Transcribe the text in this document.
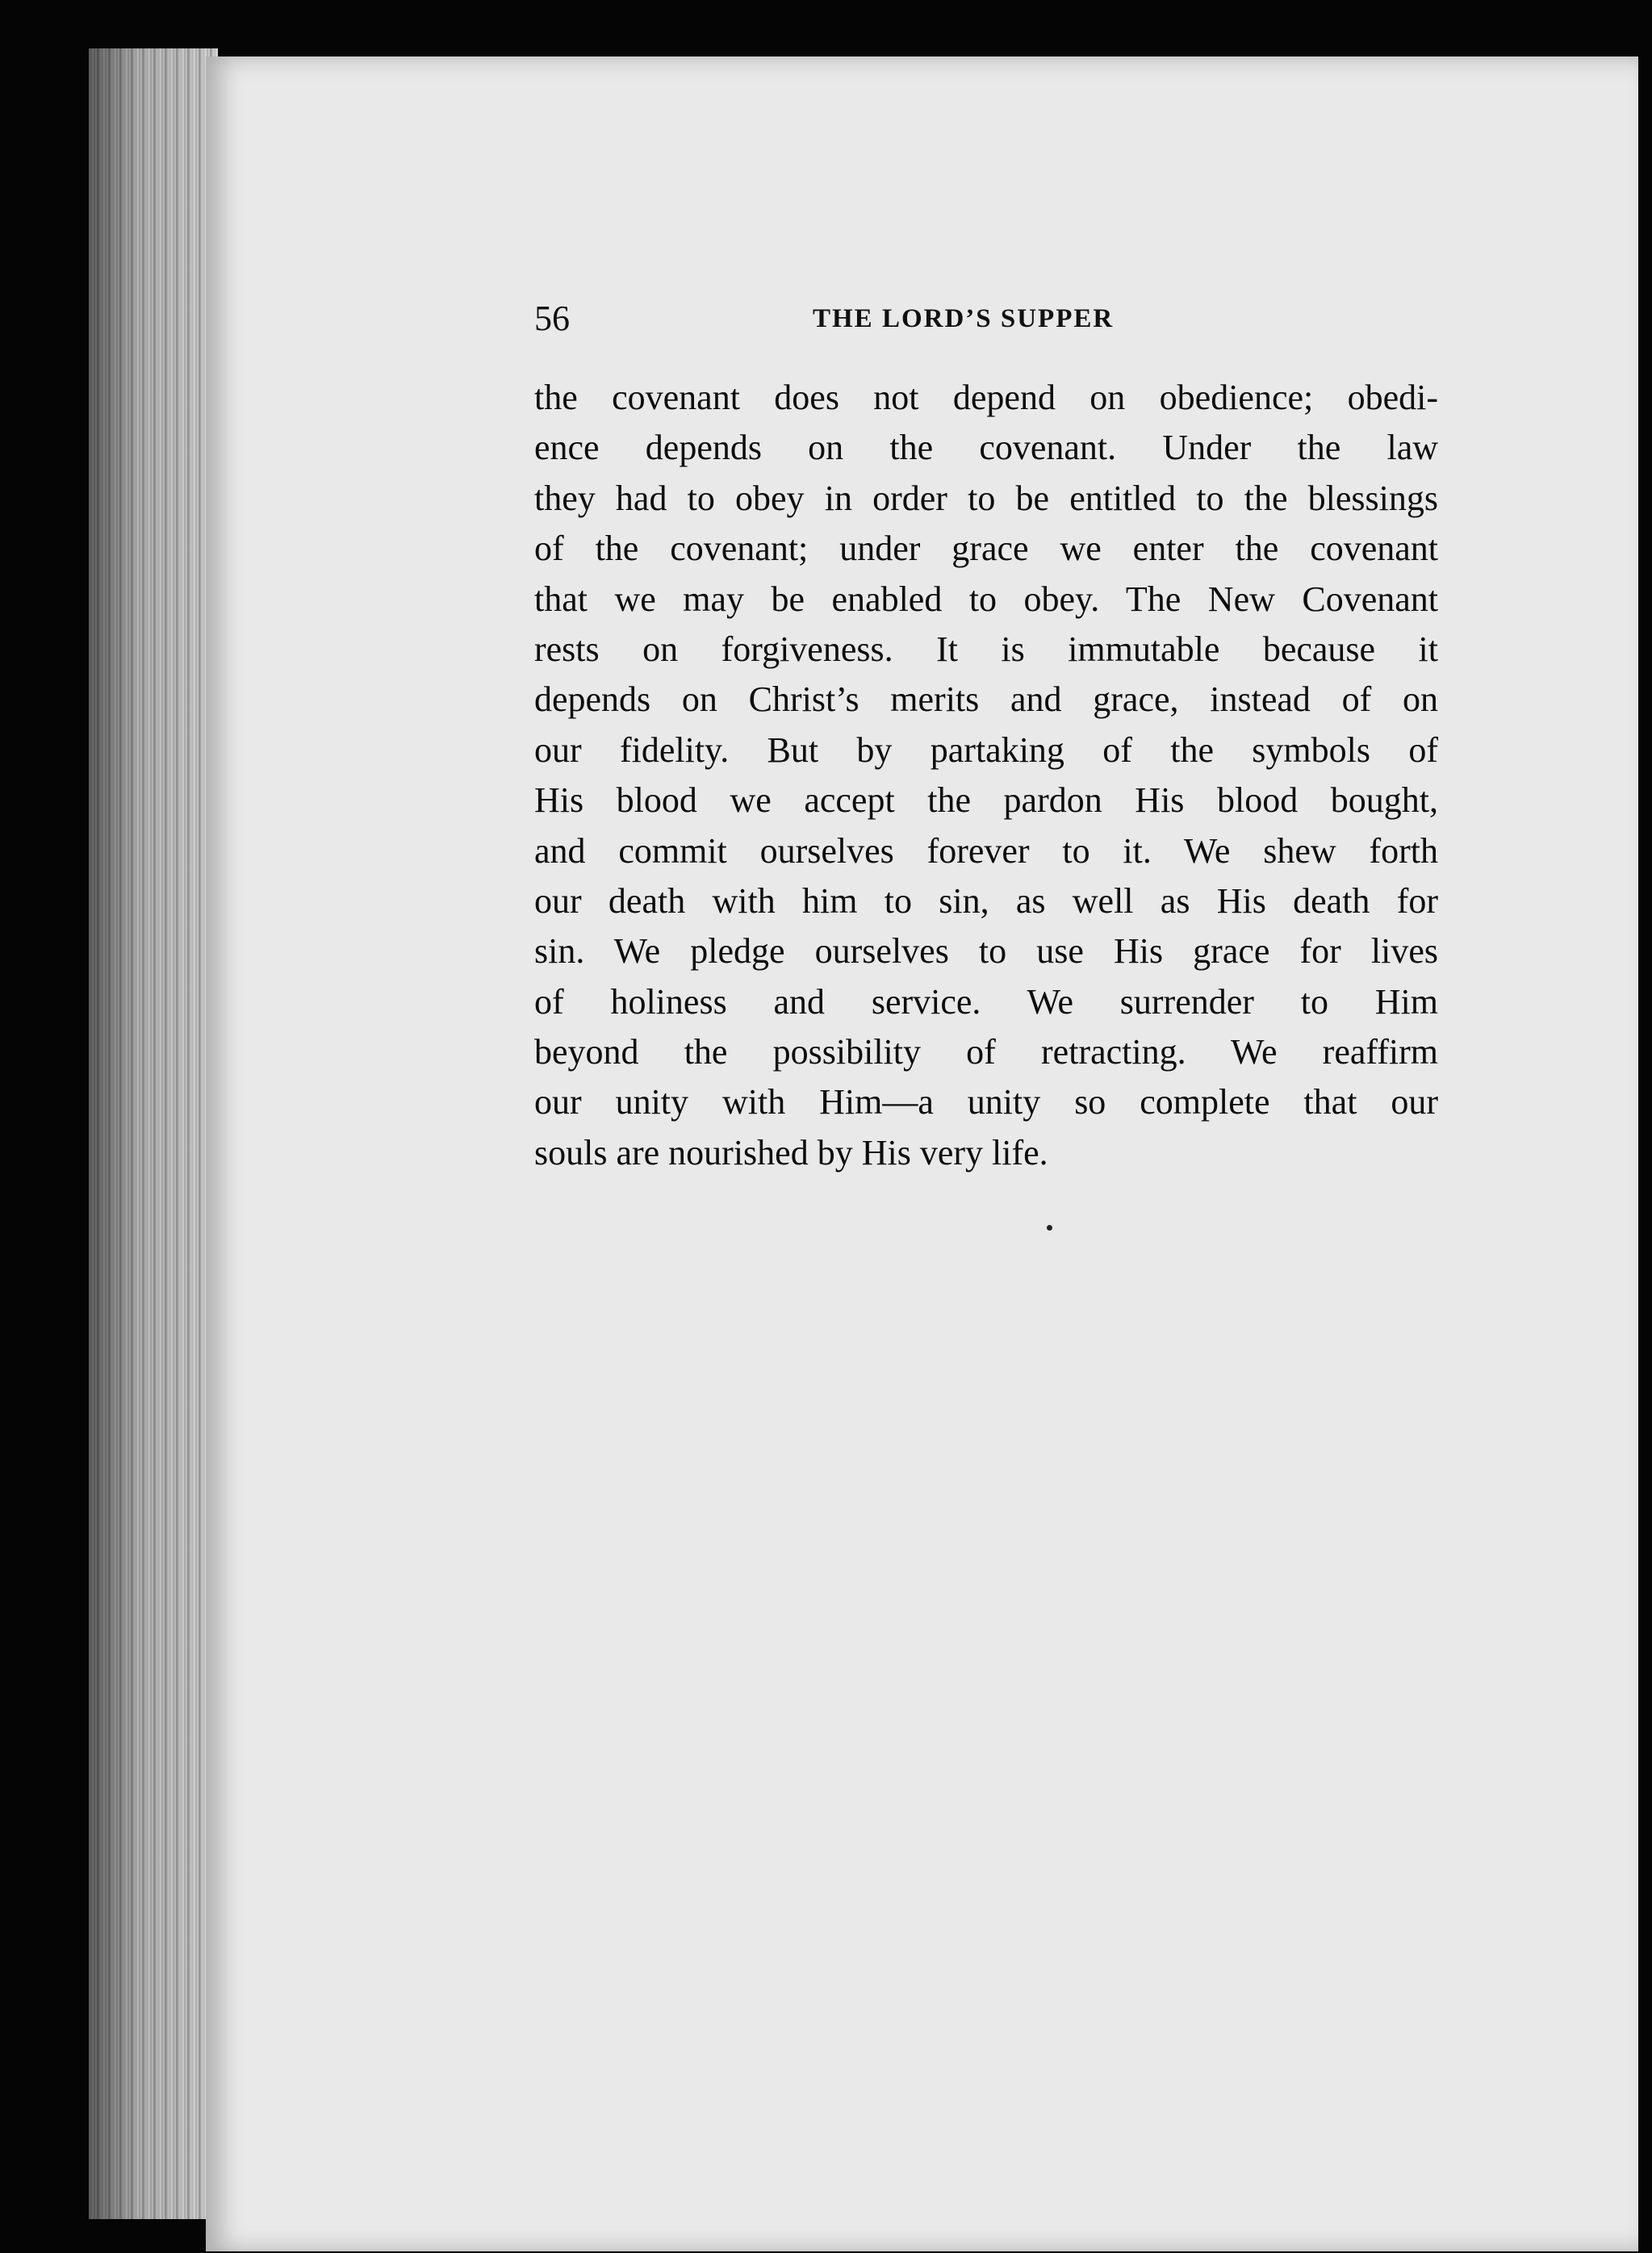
56	THE LORD’S SUPPER
the covenant does not depend on obedience; obedi-
ence depends on the covenant. Under the law
they had to obey in order to be entitled to the blessings
of the covenant; under grace we enter the covenant
that we may be enabled to obey. The New Covenant
rests on forgiveness. It is immutable because it
depends on Christ’s merits and grace, instead of on
our fidelity. But by partaking of the symbols of
His blood we accept the pardon His blood bought,
and commit ourselves forever to it. We shew forth
our death with him to sin, as well as His death for
sin. We pledge ourselves to use His grace for lives
of holiness and service. We surrender to Him
beyond the possibility of retracting. We reaffirm
our unity with Him—a unity so complete that our
souls are nourished by His very life.
